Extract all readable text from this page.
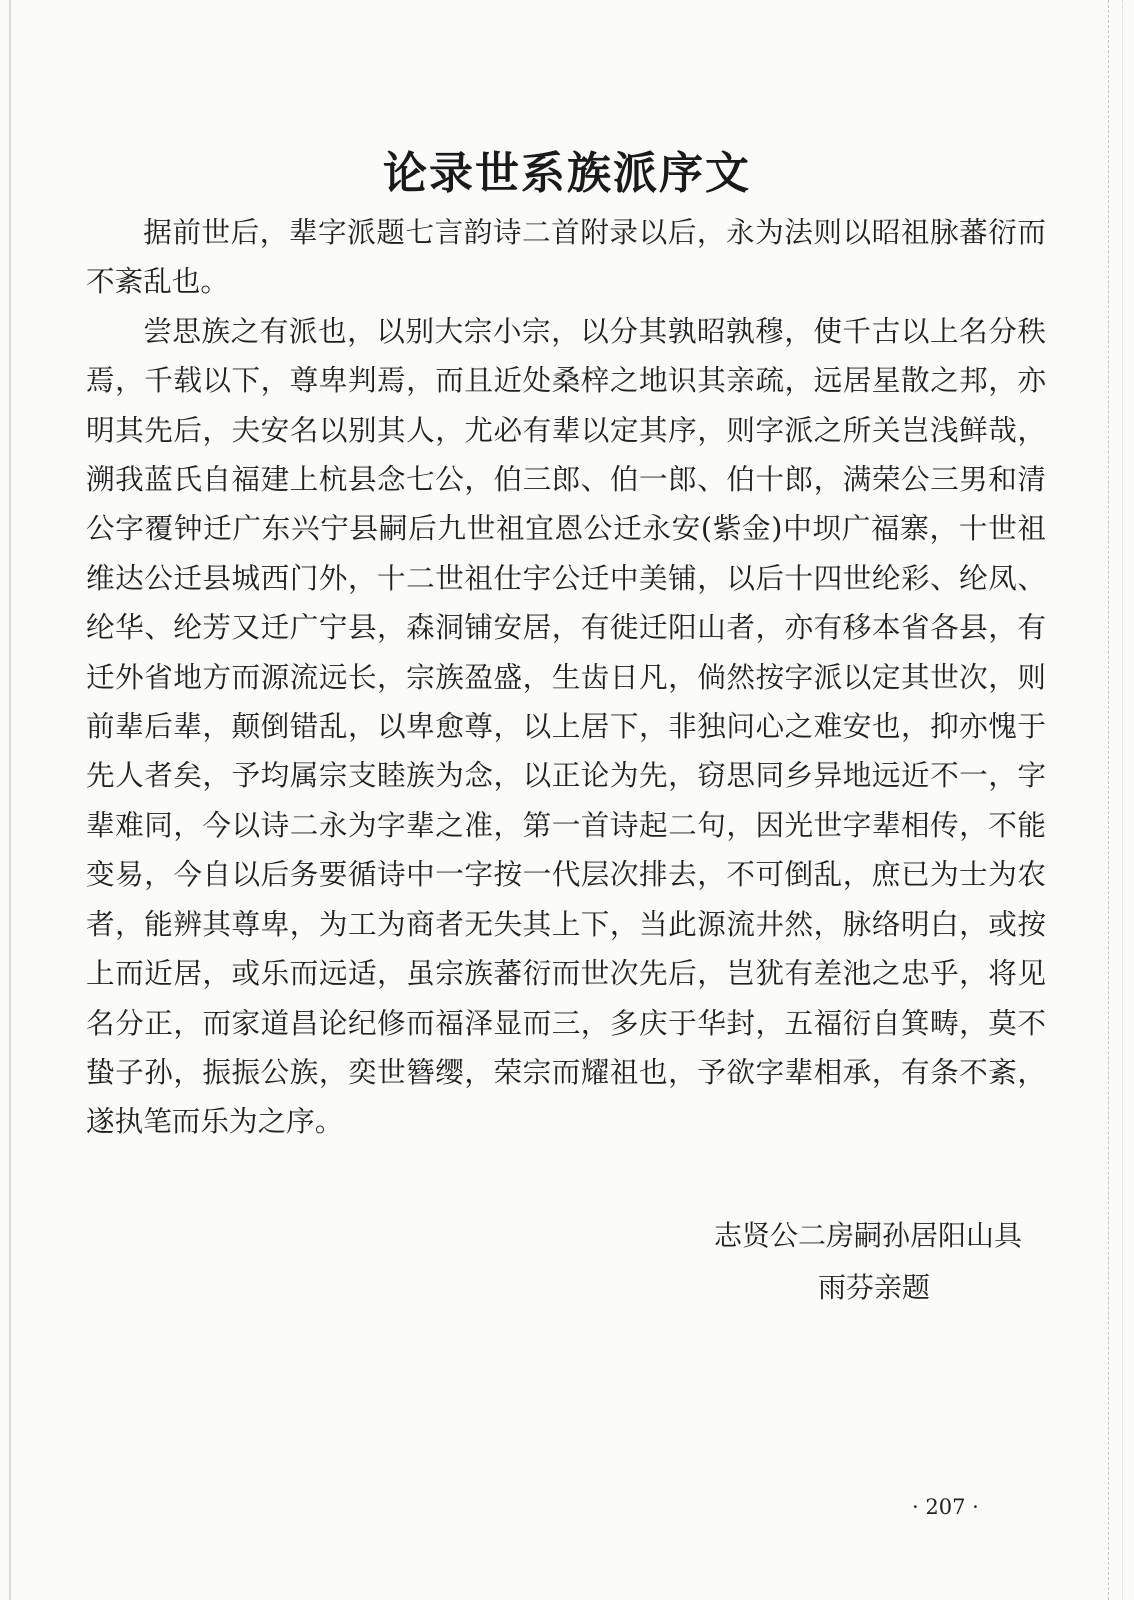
论录世系族派序文

据前世后，辈字派题七言韵诗二首附录以后，永为法则以昭祖脉蕃衍而不紊乱也。

尝思族之有派也，以别大宗小宗，以分其孰昭孰穆，使千古以上名分秩焉，千载以下，尊卑判焉，而且近处桑梓之地识其亲疏，远居星散之邦，亦明其先后，夫安名以别其人，尤必有辈以定其序，则字派之所关岂浅鲜哉，溯我蓝氏自福建上杭县念七公，伯三郎、伯一郎、伯十郎，满荣公三男和清公字覆钟迁广东兴宁县嗣后九世祖宜恩公迁永安(紫金)中坝广福寨，十世祖维达公迁县城西门外，十二世祖仕宇公迁中美铺，以后十四世纶彩、纶凤、纶华、纶芳又迁广宁县，森洞铺安居，有徙迁阳山者，亦有移本省各县，有迁外省地方而源流远长，宗族盈盛，生齿日凡，倘然按字派以定其世次，则前辈后辈，颠倒错乱，以卑愈尊，以上居下，非独问心之难安也，抑亦愧于先人者矣，予均属宗支睦族为念，以正论为先，窃思同乡异地远近不一，字辈难同，今以诗二永为字辈之准，第一首诗起二句，因光世字辈相传，不能变易，今自以后务要循诗中一字按一代层次排去，不可倒乱，庶已为士为农者，能辨其尊卑，为工为商者无失其上下，当此源流井然，脉络明白，或按上而近居，或乐而远适，虽宗族蕃衍而世次先后，岂犹有差池之忠乎，将见名分正，而家道昌论纪修而福泽显而三，多庆于华封，五福衍自箕畴，莫不蛰子孙，振振公族，奕世簪缨，荣宗而耀祖也，予欲字辈相承，有条不紊，遂执笔而乐为之序。

志贤公二房嗣孙居阳山具
雨芬亲题
· 207 ·
